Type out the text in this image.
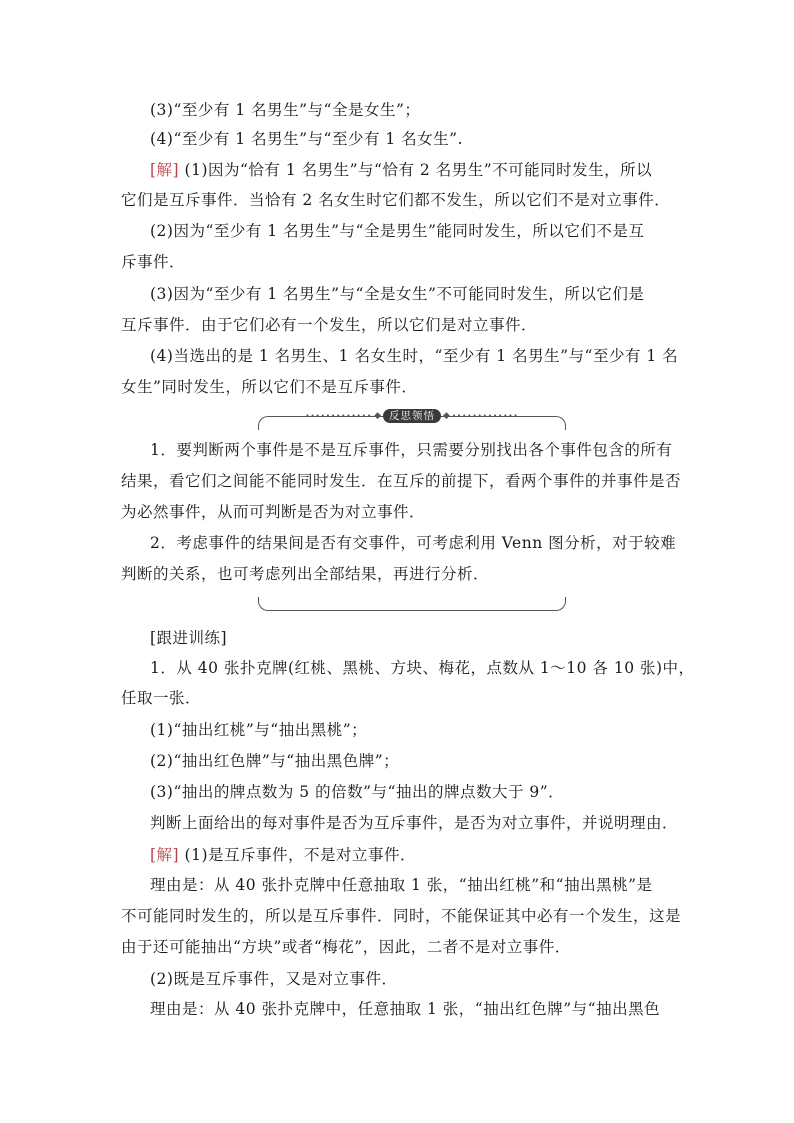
(3)“至少有 1 名男生”与“全是女生”；
(4)“至少有 1 名男生”与“至少有 1 名女生”.
[解] (1)因为“恰有 1 名男生”与“恰有 2 名男生”不可能同时发生，所以
它们是互斥事件．当恰有 2 名女生时它们都不发生，所以它们不是对立事件．
(2)因为“至少有 1 名男生”与“全是男生”能同时发生，所以它们不是互
斥事件．
(3)因为“至少有 1 名男生”与“全是女生”不可能同时发生，所以它们是
互斥事件．由于它们必有一个发生，所以它们是对立事件．
(4)当选出的是 1 名男生、1 名女生时，“至少有 1 名男生”与“至少有 1 名
女生”同时发生，所以它们不是互斥事件．
••••••••••••• ◆ 反思领悟 ◆ •••••••••••••
1．要判断两个事件是不是互斥事件，只需要分别找出各个事件包含的所有
结果，看它们之间能不能同时发生．在互斥的前提下，看两个事件的并事件是否
为必然事件，从而可判断是否为对立事件．
2．考虑事件的结果间是否有交事件，可考虑利用 Venn 图分析，对于较难
判断的关系，也可考虑列出全部结果，再进行分析．
[跟进训练]
1．从 40 张扑克牌(红桃、黑桃、方块、梅花，点数从 1～10 各 10 张)中，
任取一张．
(1)“抽出红桃”与“抽出黑桃”；
(2)“抽出红色牌”与“抽出黑色牌”；
(3)“抽出的牌点数为 5 的倍数”与“抽出的牌点数大于 9”．
判断上面给出的每对事件是否为互斥事件，是否为对立事件，并说明理由．
[解] (1)是互斥事件，不是对立事件．
理由是：从 40 张扑克牌中任意抽取 1 张，“抽出红桃”和“抽出黑桃”是
不可能同时发生的，所以是互斥事件．同时，不能保证其中必有一个发生，这是
由于还可能抽出“方块”或者“梅花”，因此，二者不是对立事件．
(2)既是互斥事件，又是对立事件．
理由是：从 40 张扑克牌中，任意抽取 1 张，“抽出红色牌”与“抽出黑色
